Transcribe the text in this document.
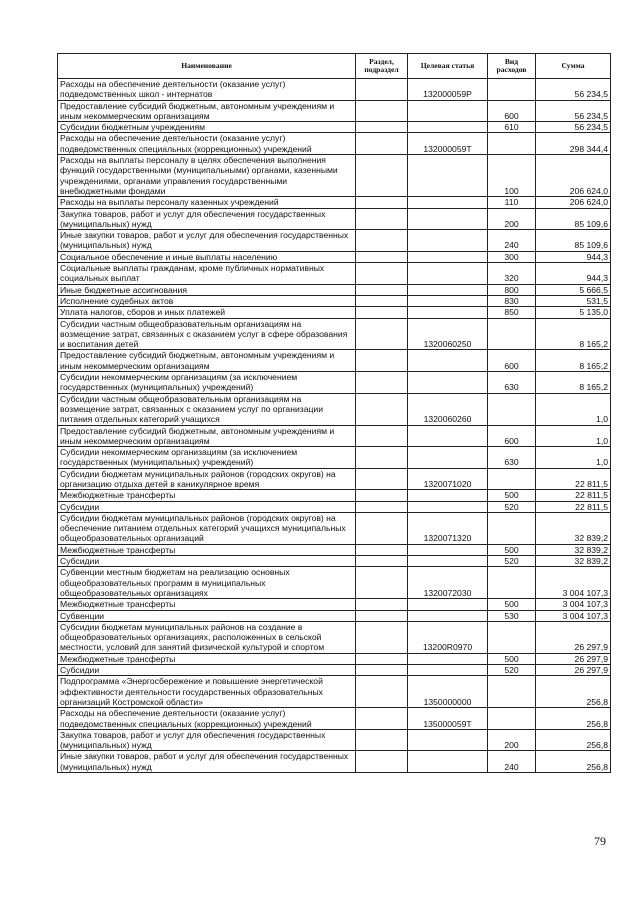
Наименование	Раздел, подраздел	Целевая статья	Вид расходов	Сумма
Расходы на обеспечение деятельности (оказание услуг) подведомственных школ - интернатов		132000059Р		56 234,5
Предоставление субсидий бюджетным, автономным учреждениям и иным некоммерческим организациям			600	56 234,5
Субсидии бюджетным учреждениям			610	56 234,5
Расходы на обеспечение деятельности (оказание услуг) подведомственных специальных (коррекционных) учреждений		132000059Т		298 344,4
Расходы на выплаты персоналу в целях обеспечения выполнения функций государственными (муниципальными) органами, казенными учреждениями, органами управления государственными внебюджетными фондами			100	206 624,0
Расходы на выплаты персоналу казенных учреждений			110	206 624,0
Закупка товаров, работ и услуг для обеспечения государственных (муниципальных) нужд			200	85 109,6
Иные закупки товаров, работ и услуг для обеспечения государственных (муниципальных) нужд			240	85 109,6
Социальное обеспечение и иные выплаты населению			300	944,3
Социальные выплаты гражданам, кроме публичных нормативных социальных выплат			320	944,3
Иные бюджетные ассигнования			800	5 666,5
Исполнение судебных актов			830	531,5
Уплата налогов, сборов и иных платежей			850	5 135,0
Субсидии частным общеобразовательным организациям на возмещение затрат, связанных с оказанием услуг в сфере образования и воспитания детей		1320060250		8 165,2
Предоставление субсидий бюджетным, автономным учреждениям и иным некоммерческим организациям			600	8 165,2
Субсидии некоммерческим организациям (за исключением государственных (муниципальных) учреждений)			630	8 165,2
Субсидии частным общеобразовательным организациям на возмещение затрат, связанных с оказанием услуг по организации питания отдельных категорий учащихся		1320060260		1,0
Предоставление субсидий бюджетным, автономным учреждениям и иным некоммерческим организациям			600	1,0
Субсидии некоммерческим организациям (за исключением государственных (муниципальных) учреждений)			630	1,0
Субсидии бюджетам муниципальных районов (городских округов) на организацию отдыха детей в каникулярное время		1320071020		22 811,5
Межбюджетные трансферты			500	22 811,5
Субсидии			520	22 811,5
Субсидии бюджетам муниципальных районов (городских округов) на обеспечение питанием отдельных категорий учащихся муниципальных общеобразовательных организаций		1320071320		32 839,2
Межбюджетные трансферты			500	32 839,2
Субсидии			520	32 839,2
Субвенции местным бюджетам на реализацию основных общеобразовательных программ в муниципальных общеобразовательных организациях		1320072030		3 004 107,3
Межбюджетные трансферты			500	3 004 107,3
Субвенции			530	3 004 107,3
Субсидии бюджетам муниципальных районов на создание в общеобразовательных организациях, расположенных в сельской местности, условий для занятий физической культурой и спортом		13200R0970		26 297,9
Межбюджетные трансферты			500	26 297,9
Субсидии			520	26 297,9
Подпрограмма «Энергосбережение и повышение энергетической эффективности деятельности государственных образовательных организаций Костромской области»		1350000000		256,8
Расходы на обеспечение деятельности (оказание услуг) подведомственных специальных (коррекционных) учреждений		135000059Т		256,8
Закупка товаров, работ и услуг для обеспечения государственных (муниципальных) нужд			200	256,8
Иные закупки товаров, работ и услуг для обеспечения государственных (муниципальных) нужд			240	256,8
79
